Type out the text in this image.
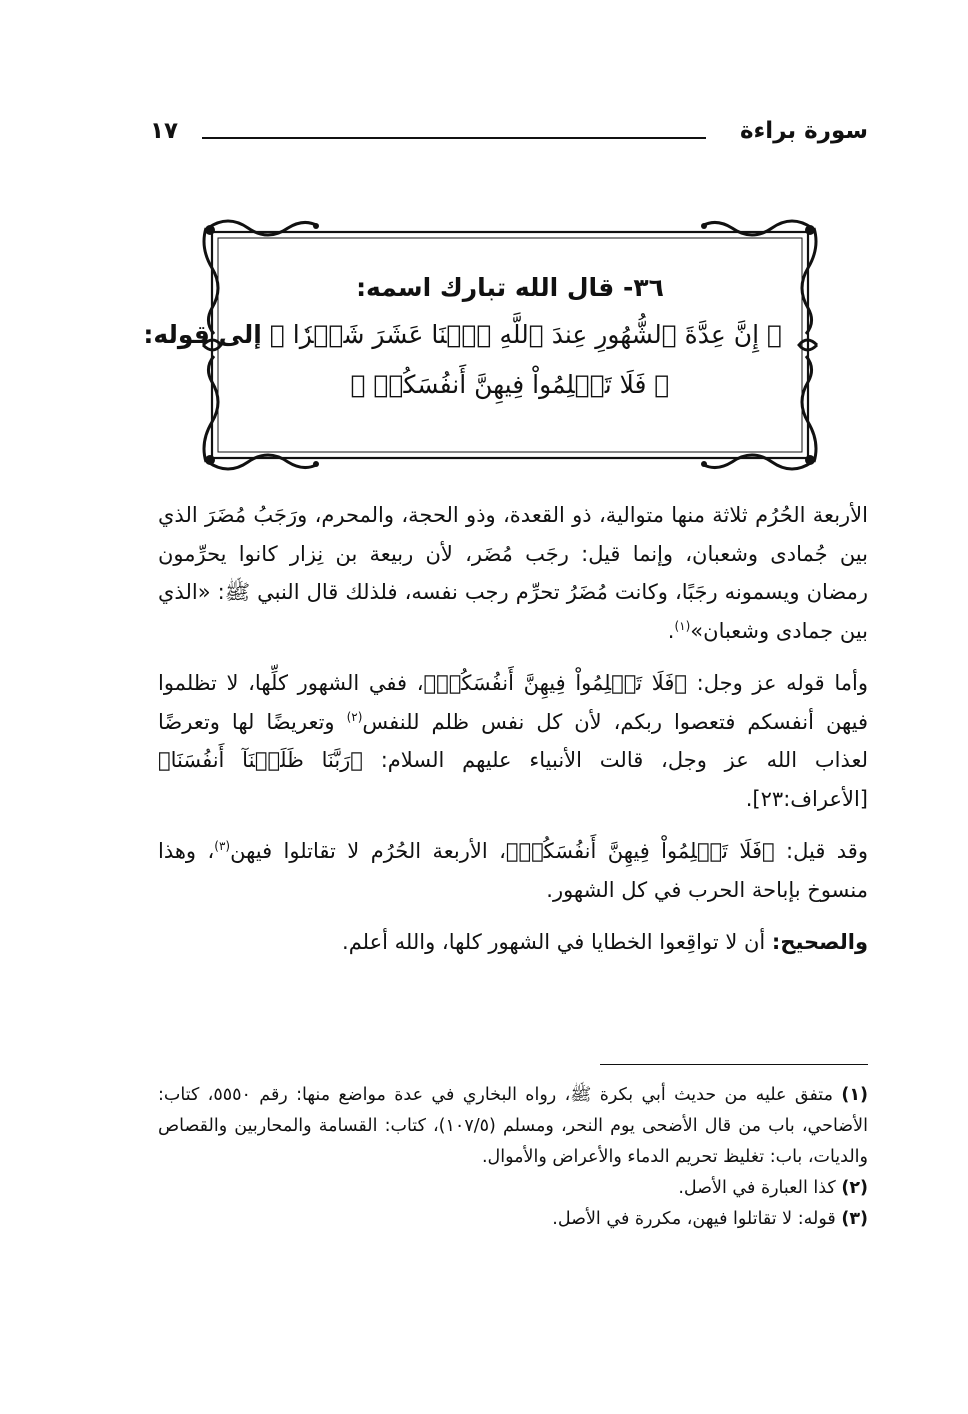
سورة براءة
١٧
٣٦- قال الله تبارك اسمه:
﴿ إِنَّ عِدَّةَ ٱلشُّهُورِ عِندَ ٱللَّهِ ٱثۡنَا عَشَرَ شَهۡرٗا ﴾ إلى قوله:
﴿ فَلَا تَظۡلِمُواْ فِيهِنَّ أَنفُسَكُمۡ ﴾

الأربعة الحُرُم ثلاثة منها متوالية، ذو القعدة، وذو الحجة، والمحرم، ورَجَبُ مُضَرَ الذي بين جُمادى وشعبان، وإنما قيل: رجَب مُضَر، لأن ربيعة بن نِزار كانوا يحرِّمون رمضان ويسمونه رجَبًا، وكانت مُضَرُ تحرِّم رجب نفسه، فلذلك قال النبي ﷺ: «الذي بين جمادى وشعبان»$^{(١)}$.

وأما قوله عز وجل: ﴿فَلَا تَظۡلِمُواْ فِيهِنَّ أَنفُسَكُمۡ﴾، ففي الشهور كلِّها، لا تظلموا فيهن أنفسكم فتعصوا ربكم، لأن كل نفس ظلم للنفس$^{(٢)}$ وتعريضًا لها وتعرضًا لعذاب الله عز وجل، قالت الأنبياء عليهم السلام: ﴿رَبَّنَا ظَلَمۡنَآ أَنفُسَنَا﴾ [الأعراف:٢٣].

وقد قيل: ﴿فَلَا تَظۡلِمُواْ فِيهِنَّ أَنفُسَكُمۡ﴾، الأربعة الحُرُم لا تقاتلوا فيهن$^{(٣)}$، وهذا منسوخ بإباحة الحرب في كل الشهور.

والصحيح: أن لا تواقِعوا الخطايا في الشهور كلها، والله أعلم.

(١) متفق عليه من حديث أبي بكرة ﷺ، رواه البخاري في عدة مواضع منها: رقم ٥٥٥٠، كتاب: الأضاحي، باب من قال الأضحى يوم النحر، ومسلم (١٠٧/٥)، كتاب: القسامة والمحاربين والقصاص والديات، باب: تغليظ تحريم الدماء والأعراض والأموال.

(٢) كذا العبارة في الأصل.

(٣) قوله: لا تقاتلوا فيهن، مكررة في الأصل.
